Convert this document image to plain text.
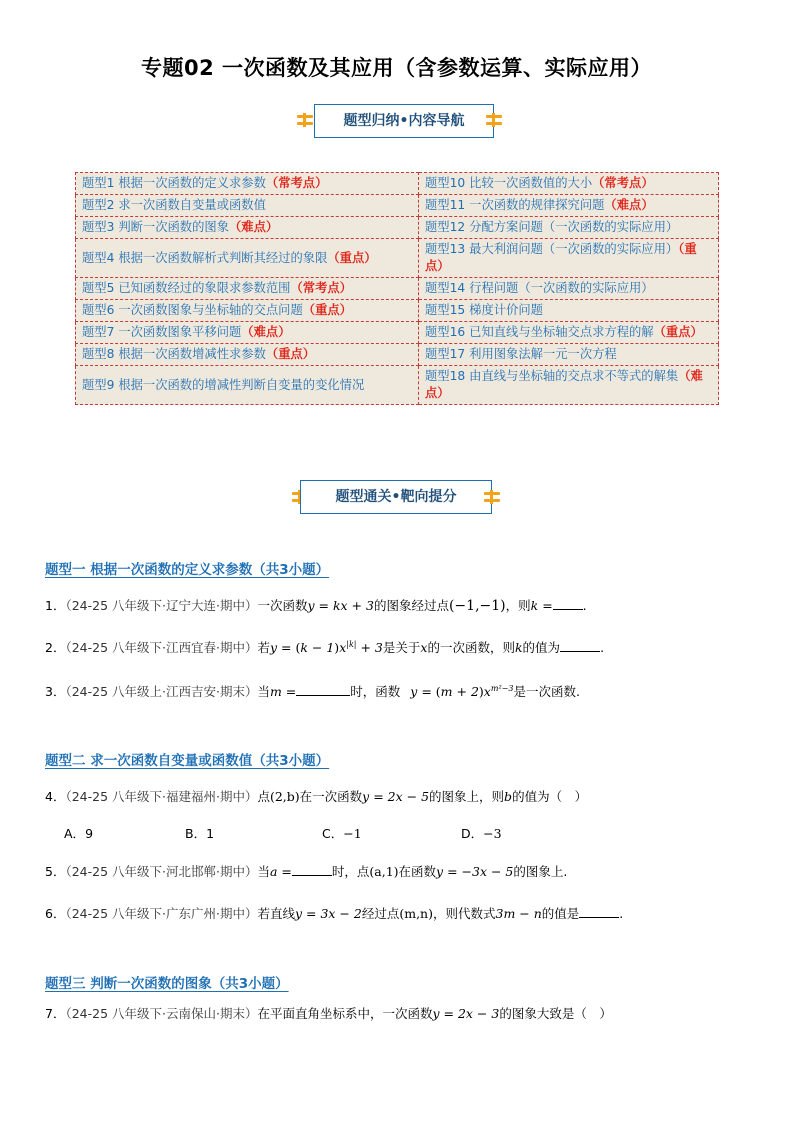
专题02 一次函数及其应用（含参数运算、实际应用）
题型归纳•内容导航
题型1 根据一次函数的定义求参数（常考点）	题型10 比较一次函数值的大小（常考点）
题型2 求一次函数自变量或函数值	题型11 一次函数的规律探究问题（难点）
题型3 判断一次函数的图象（难点）	题型12 分配方案问题（一次函数的实际应用）
题型4 根据一次函数解析式判断其经过的象限（重点）	题型13 最大利润问题（一次函数的实际应用）（重点）
题型5 已知函数经过的象限求参数范围（常考点）	题型14 行程问题（一次函数的实际应用）
题型6 一次函数图象与坐标轴的交点问题（重点）	题型15 梯度计价问题
题型7 一次函数图象平移问题（难点）	题型16 已知直线与坐标轴交点求方程的解（重点）
题型8 根据一次函数增减性求参数（重点）	题型17 利用图象法解一元一次方程
题型9 根据一次函数的增减性判断自变量的变化情况	题型18 由直线与坐标轴的交点求不等式的解集（难点）
题型通关•靶向提分
题型一 根据一次函数的定义求参数（共3小题）
1．（24-25 八年级下·辽宁大连·期中）一次函数y = kx + 3的图象经过点(−1,−1)，则k = .
2．（24-25 八年级下·江西宜春·期中）若$y = (k - 1)x^{|k|} + 3$是关于x的一次函数，则k的值为	.
3．（24-25 八年级上·江西吉安·期末）当m =	时，函数 $y = (m + 2)x^{m^2-3}$是一次函数.
题型二 求一次函数自变量或函数值（共3小题）
4．（24-25 八年级下·福建福州·期中）点(2,b)在一次函数y = 2x − 5的图象上，则b的值为（　）
A．9	B．1	C．−1	D．−3
5．（24-25 八年级下·河北邯郸·期中）当a =	时，点(a,1)在函数y = −3x − 5的图象上.
6．（24-25 八年级下·广东广州·期中）若直线y = 3x − 2经过点(m,n)，则代数式3m − n的值是	.
题型三 判断一次函数的图象（共3小题）
7．（24-25 八年级下·云南保山·期末）在平面直角坐标系中，一次函数y = 2x − 3的图象大致是（　）
